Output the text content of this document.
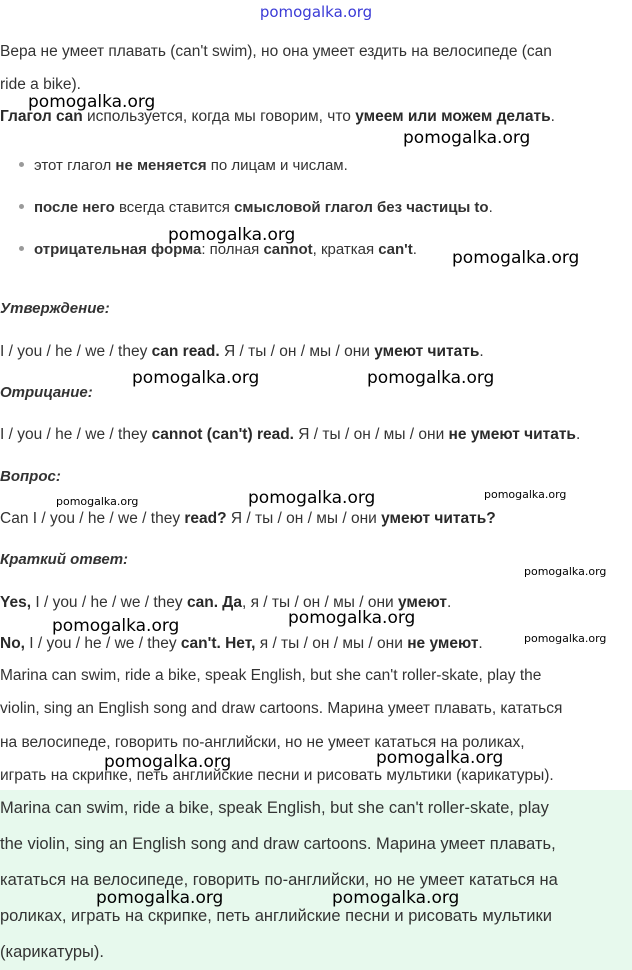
pomogalka.org
Вера не умеет плавать (can't swim), но она умеет ездить на велосипеде (can
ride a bike).
Глагол can используется, когда мы говорим, что умеем или можем делать.
этот глагол не меняется по лицам и числам.
после него всегда ставится смысловой глагол без частицы to.
отрицательная форма: полная cannot, краткая can't.
Утверждение:
I / you / he / we / they can read. Я / ты / он / мы / они умеют читать.
Отрицание:
I / you / he / we / they cannot (can't) read. Я / ты / он / мы / они не умеют читать.
Вопрос:
Can I / you / he / we / they read? Я / ты / он / мы / они умеют читать?
Краткий ответ:
Yes, I / you / he / we / they can. Да, я / ты / он / мы / они умеют.
No, I / you / he / we / they can't. Нет, я / ты / он / мы / они не умеют.
Marina can swim, ride a bike, speak English, but she can't roller-skate, play the
violin, sing an English song and draw cartoons. Марина умеет плавать, кататься
на велосипеде, говорить по-английски, но не умеет кататься на роликах,
играть на скрипке, петь английские песни и рисовать мультики (карикатуры).
Marina can swim, ride a bike, speak English, but she can't roller-skate, play
the violin, sing an English song and draw cartoons. Марина умеет плавать,
кататься на велосипеде, говорить по-английски, но не умеет кататься на
роликах, играть на скрипке, петь английские песни и рисовать мультики
(карикатуры).
pomogalka.org
pomogalka.org
pomogalka.org
pomogalka.org
pomogalka.org	pomogalka.org
pomogalka.org	pomogalka.org	pomogalka.org
pomogalka.org
pomogalka.org
pomogalka.org
pomogalka.org
pomogalka.org	pomogalka.org
pomogalka.org	pomogalka.org
